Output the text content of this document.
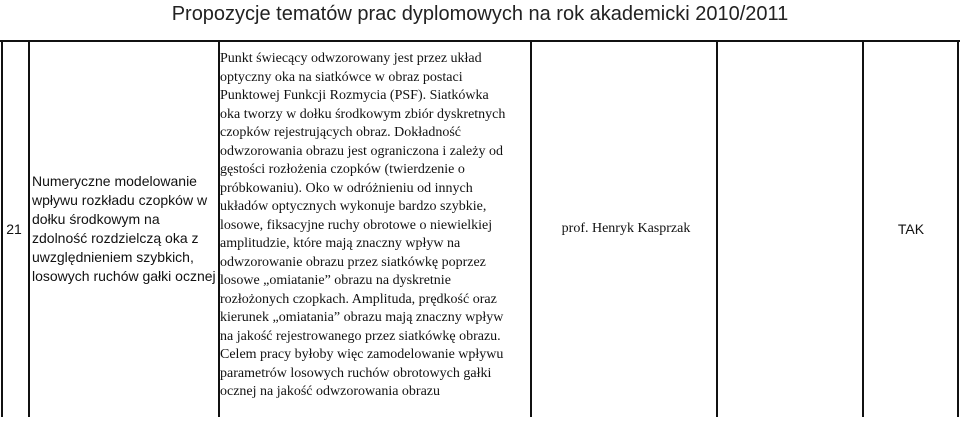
Propozycje tematów prac dyplomowych na rok akademicki 2010/2011
21
Numeryczne modelowanie wpływu rozkładu czopków w dołku środkowym na zdolność rozdzielczą oka z uwzględnieniem szybkich, losowych ruchów gałki ocznej
Punkt świecący odwzorowany jest przez układ optyczny oka na siatkówce w obraz postaci Punktowej Funkcji Rozmycia (PSF). Siatkówka oka tworzy w dołku środkowym zbiór dyskretnych czopków rejestrujących obraz. Dokładność odwzorowania obrazu jest ograniczona i zależy od gęstości rozłożenia czopków (twierdzenie o próbkowaniu). Oko w odróżnieniu od innych układów optycznych wykonuje bardzo szybkie, losowe, fiksacyjne ruchy obrotowe o niewielkiej amplitudzie, które mają znaczny wpływ na odwzorowanie obrazu przez siatkówkę poprzez losowe „omiatanie” obrazu na dyskretnie rozłożonych czopkach. Amplituda, prędkość oraz kierunek „omiatania” obrazu mają znaczny wpływ na jakość rejestrowanego przez siatkówkę obrazu. Celem pracy byłoby więc zamodelowanie wpływu parametrów losowych ruchów obrotowych gałki ocznej na jakość odwzorowania obrazu
prof. Henryk Kasprzak	TAK
